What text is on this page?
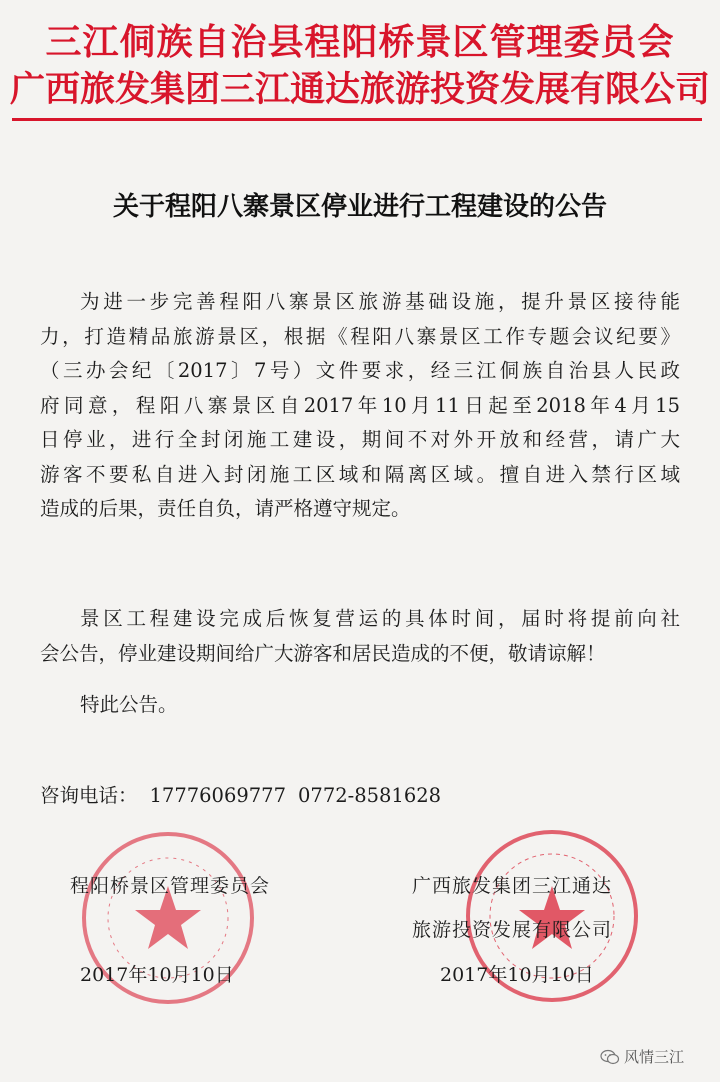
三江侗族自治县程阳桥景区管理委员会
广西旅发集团三江通达旅游投资发展有限公司
关于程阳八寨景区停业进行工程建设的公告
为进一步完善程阳八寨景区旅游基础设施，提升景区接待能
力，打造精品旅游景区，根据《程阳八寨景区工作专题会议纪要》
（三办会纪〔2017〕7号）文件要求，经三江侗族自治县人民政
府同意，程阳八寨景区自2017年10月11日起至2018年4月15
日停业，进行全封闭施工建设，期间不对外开放和经营，请广大
游客不要私自进入封闭施工区域和隔离区域。擅自进入禁行区域
造成的后果，责任自负，请严格遵守规定。
景区工程建设完成后恢复营运的具体时间，届时将提前向社
会公告，停业建设期间给广大游客和居民造成的不便，敬请谅解！
特此公告。
咨询电话： 17776069777 0772-8581628
程阳桥景区管理委员会
2017年10月10日
广西旅发集团三江通达
旅游投资发展有限公司
2017年10月10日
风情三江
